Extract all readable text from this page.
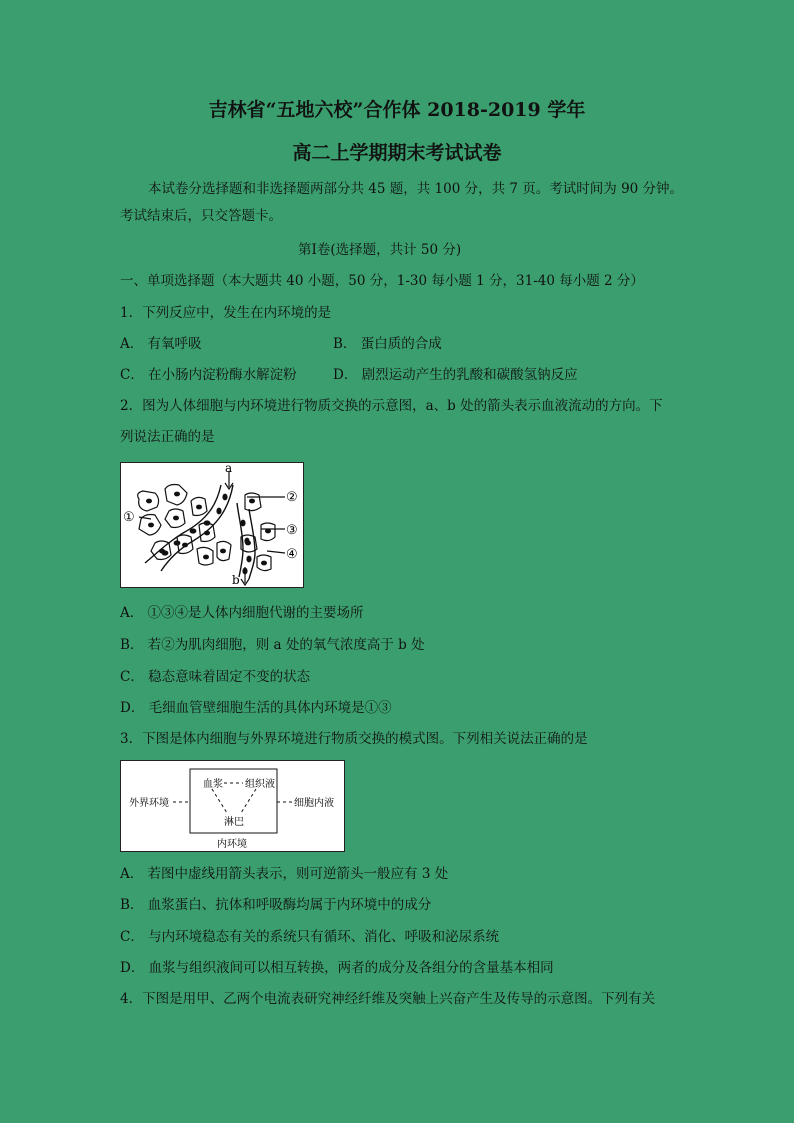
吉林省“五地六校”合作体 2018-2019 学年
高二上学期期末考试试卷
本试卷分选择题和非选择题两部分共 45 题，共 100 分，共 7 页。考试时间为 90 分钟。
考试结束后，只交答题卡。
第Ⅰ卷(选择题，共计 50 分)
一、单项选择题（本大题共 40 小题，50 分，1-30 每小题 1 分，31-40 每小题 2 分）
1．下列反应中，发生在内环境的是
A． 有氧呼吸	B． 蛋白质的合成
C． 在小肠内淀粉酶水解淀粉	D． 剧烈运动产生的乳酸和碳酸氢钠反应
2．图为人体细胞与内环境进行物质交换的示意图，a、b 处的箭头表示血液流动的方向。下
列说法正确的是
a
b
①
②
③
④
A． ①③④是人体内细胞代谢的主要场所
B． 若②为肌肉细胞，则 a 处的氧气浓度高于 b 处
C． 稳态意味着固定不变的状态
D． 毛细血管壁细胞生活的具体内环境是①③
3．下图是体内细胞与外界环境进行物质交换的模式图。下列相关说法正确的是
外界环境
血浆 组织液
淋巴
细胞内液
内环境
A． 若图中虚线用箭头表示，则可逆箭头一般应有 3 处
B． 血浆蛋白、抗体和呼吸酶均属于内环境中的成分
C． 与内环境稳态有关的系统只有循环、消化、呼吸和泌尿系统
D． 血浆与组织液间可以相互转换，两者的成分及各组分的含量基本相同
4．下图是用甲、乙两个电流表研究神经纤维及突触上兴奋产生及传导的示意图。下列有关
